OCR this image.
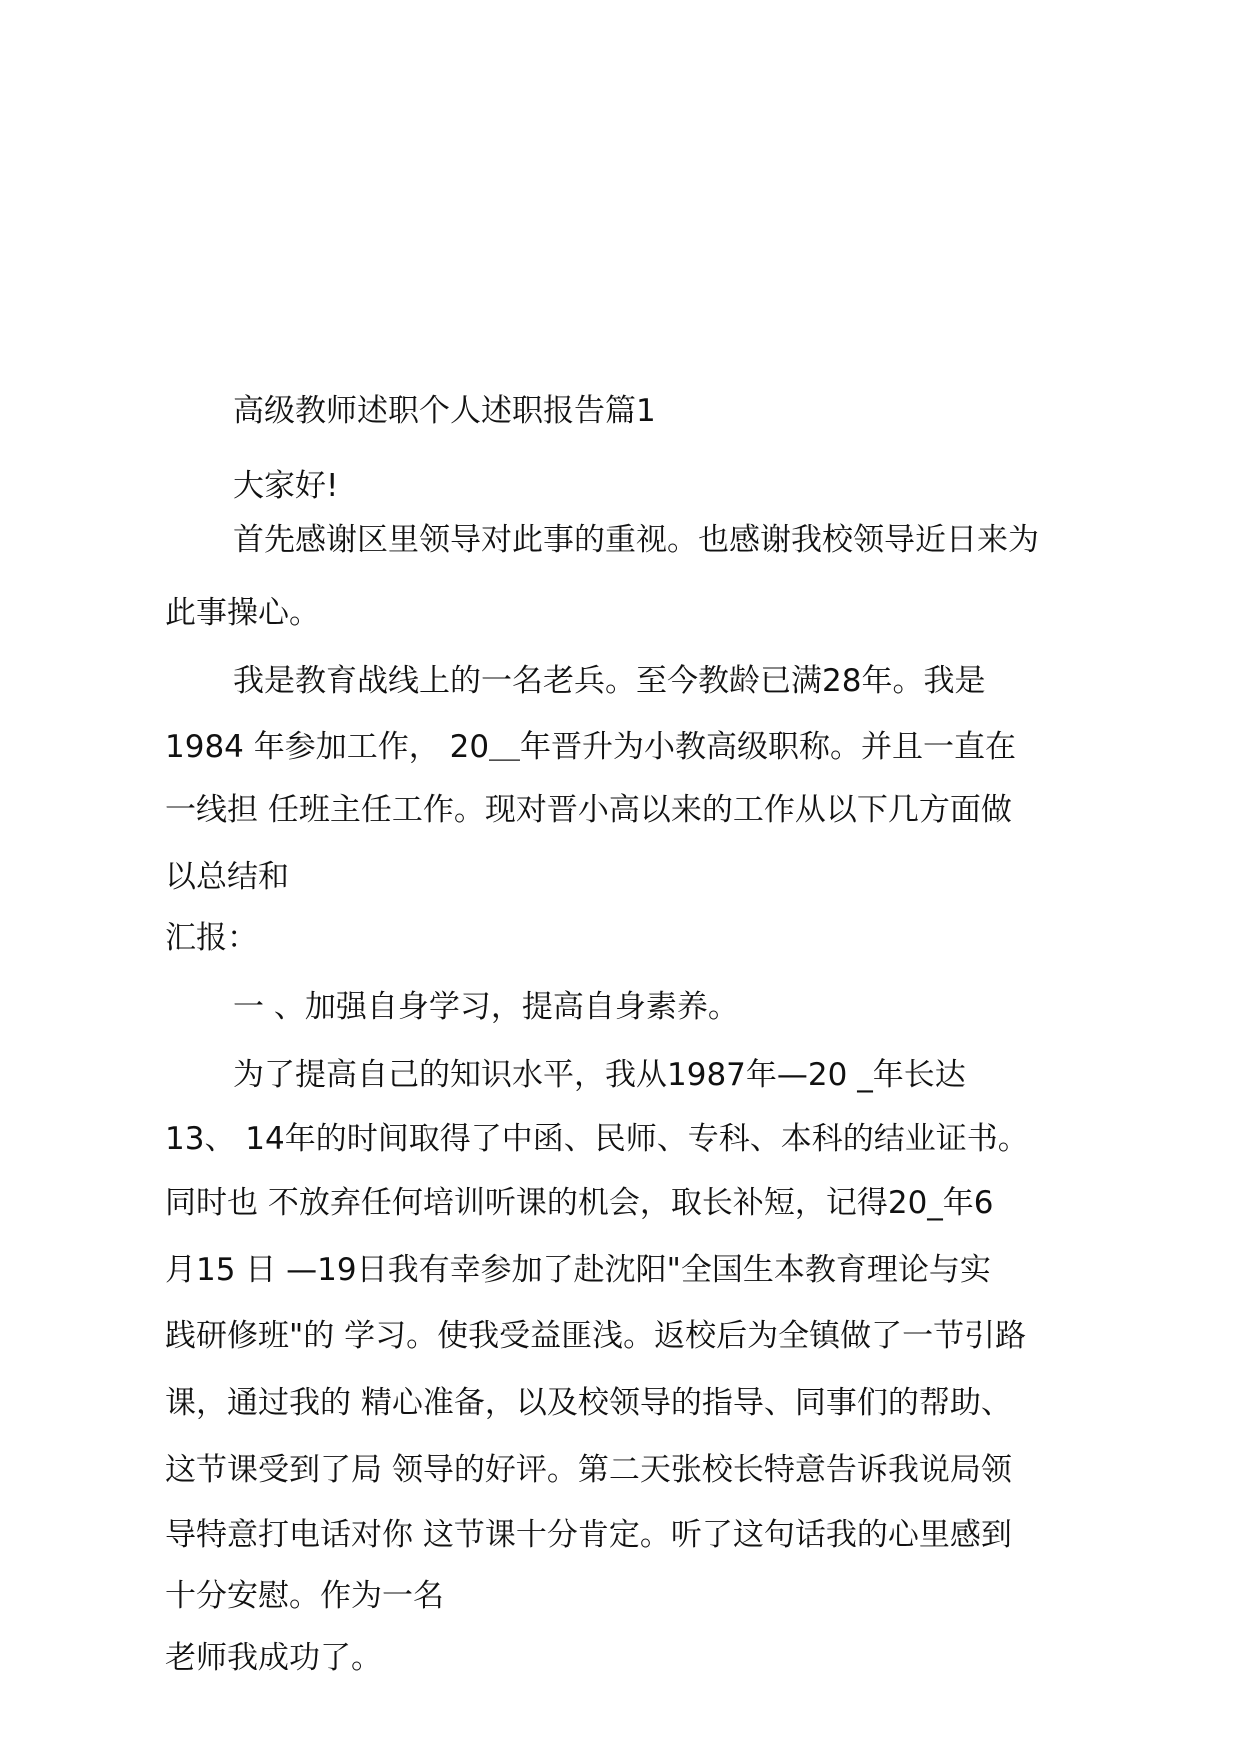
高级教师述职个人述职报告篇1
大家好!
首先感谢区里领导对此事的重视。也感谢我校领导近日来为
此事操心。
我是教育战线上的一名老兵。至今教龄已满28年。我是
1984 年参加工作， 20＿年晋升为小教高级职称。并且一直在
一线担 任班主任工作。现对晋小高以来的工作从以下几方面做
以总结和
汇报：
一 、加强自身学习，提高自身素养。
为了提高自己的知识水平，我从1987年—20 _年长达
13、 14年的时间取得了中函、民师、专科、本科的结业证书。
同时也 不放弃任何培训听课的机会，取长补短，记得20_年6
月15 日 —19日我有幸参加了赴沈阳"全国生本教育理论与实
践研修班"的 学习。使我受益匪浅。返校后为全镇做了一节引路
课，通过我的 精心准备，以及校领导的指导、同事们的帮助、
这节课受到了局 领导的好评。第二天张校长特意告诉我说局领
导特意打电话对你 这节课十分肯定。听了这句话我的心里感到
十分安慰。作为一名
老师我成功了。
